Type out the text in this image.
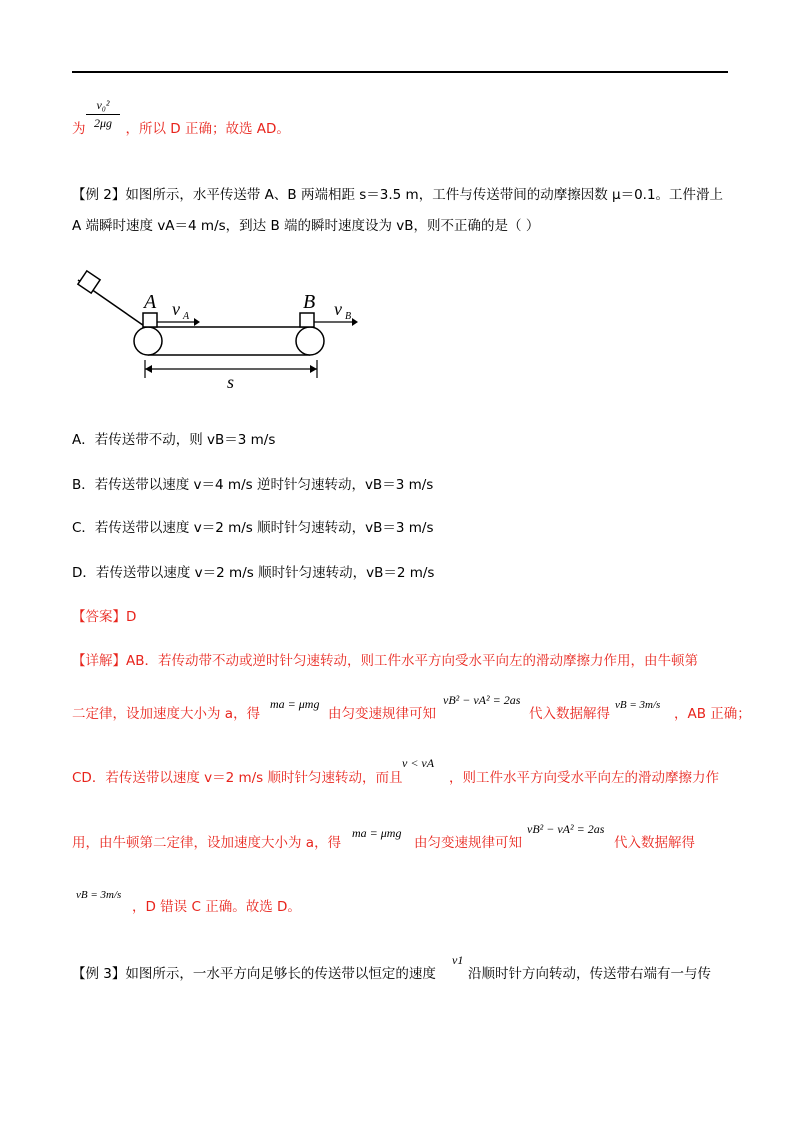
$\frac{\text{v₀²}}{2\mu g}$
为	，所以 D 正确；故选 AD。
【例 2】如图所示，水平传送带 A、B 两端相距 s＝3.5 m，工件与传送带间的动摩擦因数 μ＝0.1。工件滑上
A 端瞬时速度 vA＝4 m/s，到达 B 端的瞬时速度设为 vB，则不正确的是（ ）
A v A
B v B
s
A．若传送带不动，则 vB＝3 m/s
B．若传送带以速度 v＝4 m/s 逆时针匀速转动，vB＝3 m/s
C．若传送带以速度 v＝2 m/s 顺时针匀速转动，vB＝3 m/s
D．若传送带以速度 v＝2 m/s 顺时针匀速转动，vB＝2 m/s
【答案】D
【详解】AB．若传动带不动或逆时针匀速转动，则工件水平方向受水平向左的滑动摩擦力作用，由牛顿第
二定律，设加速度大小为 a，得
ma = μmg
由匀变速规律可知
vB² − vA² = 2as
代入数据解得
vB = 3m/s
，AB 正确；
CD．若传送带以速度 v＝2 m/s 顺时针匀速转动，而且
v < vA
，则工件水平方向受水平向左的滑动摩擦力作
用，由牛顿第二定律，设加速度大小为 a，得
ma = μmg
由匀变速规律可知
vB² − vA² = 2as
代入数据解得
vB = 3m/s
，D 错误 C 正确。故选 D。
【例 3】如图所示，一水平方向足够长的传送带以恒定的速度
v1
沿顺时针方向转动，传送带右端有一与传
